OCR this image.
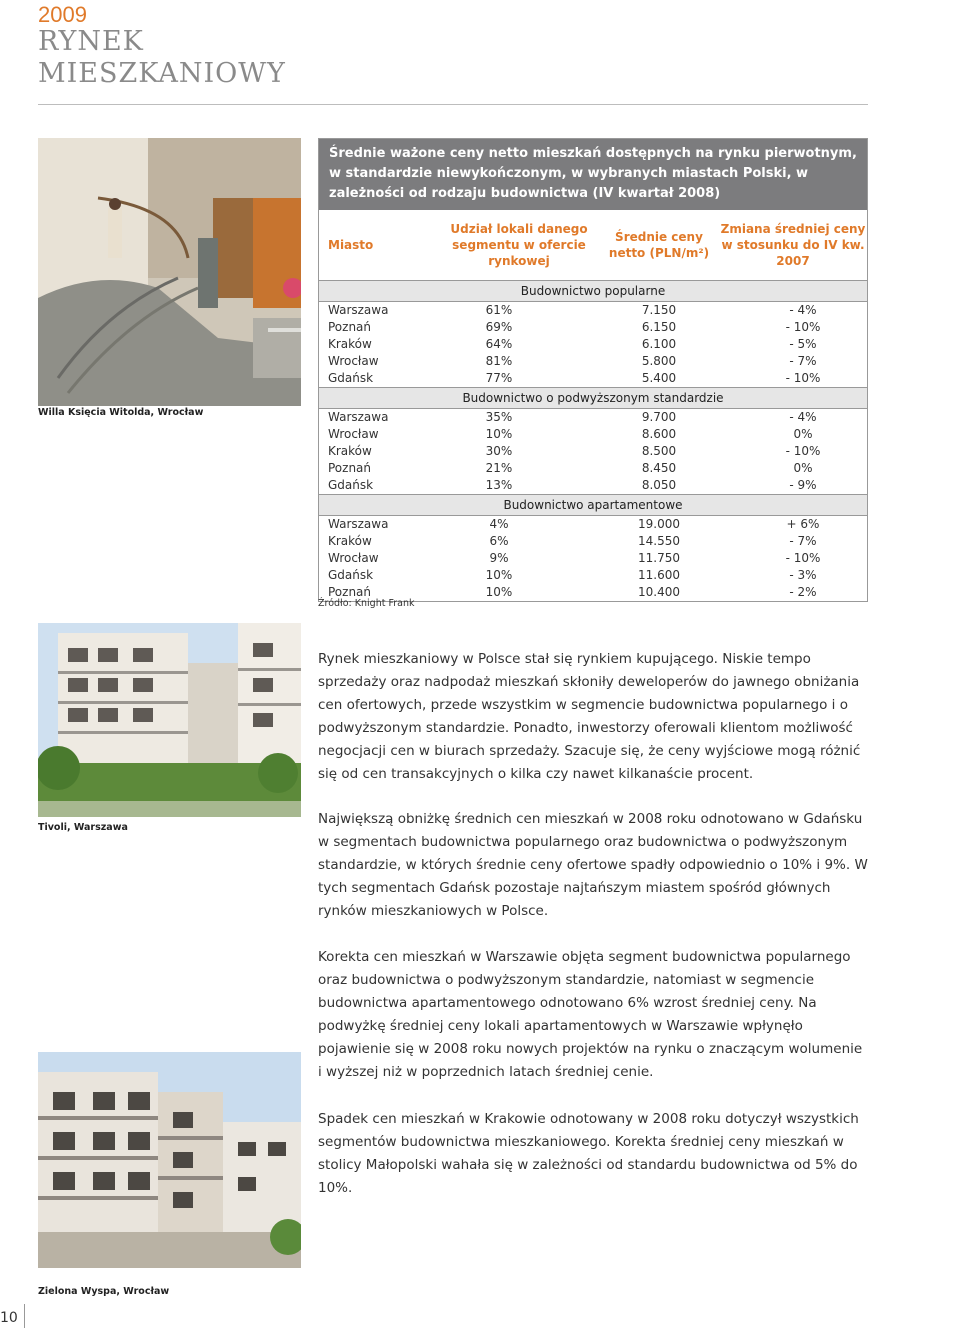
2009
RYNEK
MIESZKANIOWY
Willa Księcia Witolda, Wrocław
Tivoli, Warszawa
Zielona Wyspa, Wrocław
Średnie ważone ceny netto mieszkań dostępnych na rynku pierwotnym, w standardzie niewykończonym, w wybranych miastach Polski, w zależności od rodzaju budownictwa (IV kwartał 2008)
Miasto
Udział lokali danego segmentu w ofercie rynkowej
Średnie ceny netto (PLN/m²)
Zmiana średniej ceny w stosunku do IV kw. 2007
Budownictwo popularne
Warszawa	61%	7.150	- 4%
Poznań	69%	6.150	- 10%
Kraków	64%	6.100	- 5%
Wrocław	81%	5.800	- 7%
Gdańsk	77%	5.400	- 10%
Budownictwo o podwyższonym standardzie
Warszawa	35%	9.700	- 4%
Wrocław	10%	8.600	0%
Kraków	30%	8.500	- 10%
Poznań	21%	8.450	0%
Gdańsk	13%	8.050	- 9%
Budownictwo apartamentowe
Warszawa	4%	19.000	+ 6%
Kraków	6%	14.550	- 7%
Wrocław	9%	11.750	- 10%
Gdańsk	10%	11.600	- 3%
Poznań	10%	10.400	- 2%
Źródło: Knight Frank

Rynek mieszkaniowy w Polsce stał się rynkiem kupującego. Niskie tempo sprzedaży oraz nadpodaż mieszkań skłoniły deweloperów do jawnego obniżania cen ofertowych, przede wszystkim w segmencie budownictwa popularnego i o podwyższonym standardzie. Ponadto, inwestorzy oferowali klientom możliwość negocjacji cen w biurach sprzedaży. Szacuje się, że ceny wyjściowe mogą różnić się od cen transakcyjnych o kilka czy nawet kilkanaście procent.

Największą obniżkę średnich cen mieszkań w 2008 roku odnotowano w Gdańsku w segmentach budownictwa popularnego oraz budownictwa o podwyższonym standardzie, w których średnie ceny ofertowe spadły odpowiednio o 10% i 9%. W tych segmentach Gdańsk pozostaje najtańszym miastem spośród głównych rynków mieszkaniowych w Polsce.

Korekta cen mieszkań w Warszawie objęta segment budownictwa popularnego oraz budownictwa o podwyższonym standardzie, natomiast w segmencie budownictwa apartamentowego odnotowano 6% wzrost średniej ceny. Na podwyżkę średniej ceny lokali apartamentowych w Warszawie wpłynęło pojawienie się w 2008 roku nowych projektów na rynku o znaczącym wolumenie i wyższej niż w poprzednich latach średniej cenie.

Spadek cen mieszkań w Krakowie odnotowany w 2008 roku dotyczył wszystkich segmentów budownictwa mieszkaniowego. Korekta średniej ceny mieszkań w stolicy Małopolski wahała się w zależności od standardu budownictwa od 5% do 10%.

10
